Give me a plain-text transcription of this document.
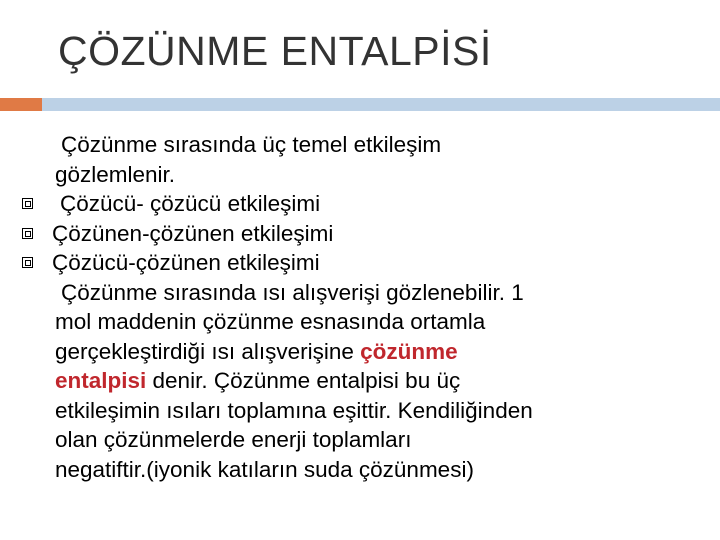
ÇÖZÜNME ENTALPİSİ
Çözünme sırasında üç temel etkileşim
gözlemlenir.
Çözücü- çözücü etkileşimi
Çözünen-çözünen etkileşimi
Çözücü-çözünen etkileşimi
Çözünme sırasında ısı alışverişi gözlenebilir. 1
mol maddenin çözünme esnasında ortamla
gerçekleştirdiği ısı alışverişine çözünme
entalpisi denir. Çözünme entalpisi bu üç
etkileşimin ısıları toplamına eşittir. Kendiliğinden
olan çözünmelerde enerji toplamları
negatiftir.(iyonik katıların suda çözünmesi)
